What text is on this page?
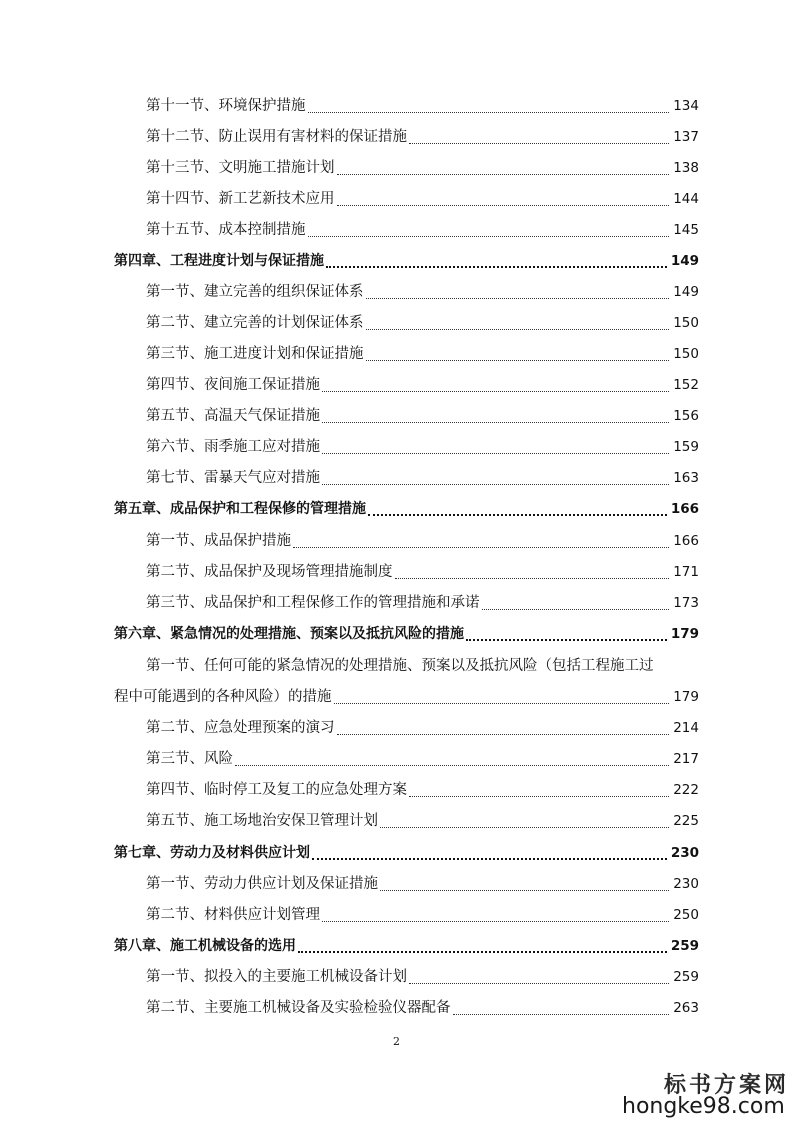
第十一节、环境保护措施	134
第十二节、防止误用有害材料的保证措施	137
第十三节、文明施工措施计划	138
第十四节、新工艺新技术应用	144
第十五节、成本控制措施	145
第四章、工程进度计划与保证措施	149
第一节、建立完善的组织保证体系	149
第二节、建立完善的计划保证体系	150
第三节、施工进度计划和保证措施	150
第四节、夜间施工保证措施	152
第五节、高温天气保证措施	156
第六节、雨季施工应对措施	159
第七节、雷暴天气应对措施	163
第五章、成品保护和工程保修的管理措施	166
第一节、成品保护措施	166
第二节、成品保护及现场管理措施制度	171
第三节、成品保护和工程保修工作的管理措施和承诺	173
第六章、紧急情况的处理措施、预案以及抵抗风险的措施	179
第一节、任何可能的紧急情况的处理措施、预案以及抵抗风险（包括工程施工过
程中可能遇到的各种风险）的措施	179
第二节、应急处理预案的演习	214
第三节、风险	217
第四节、临时停工及复工的应急处理方案	222
第五节、施工场地治安保卫管理计划	225
第七章、劳动力及材料供应计划	230
第一节、劳动力供应计划及保证措施	230
第二节、材料供应计划管理	250
第八章、施工机械设备的选用	259
第一节、拟投入的主要施工机械设备计划	259
第二节、主要施工机械设备及实验检验仪器配备	263
2
标书方案网
hongke98.com
